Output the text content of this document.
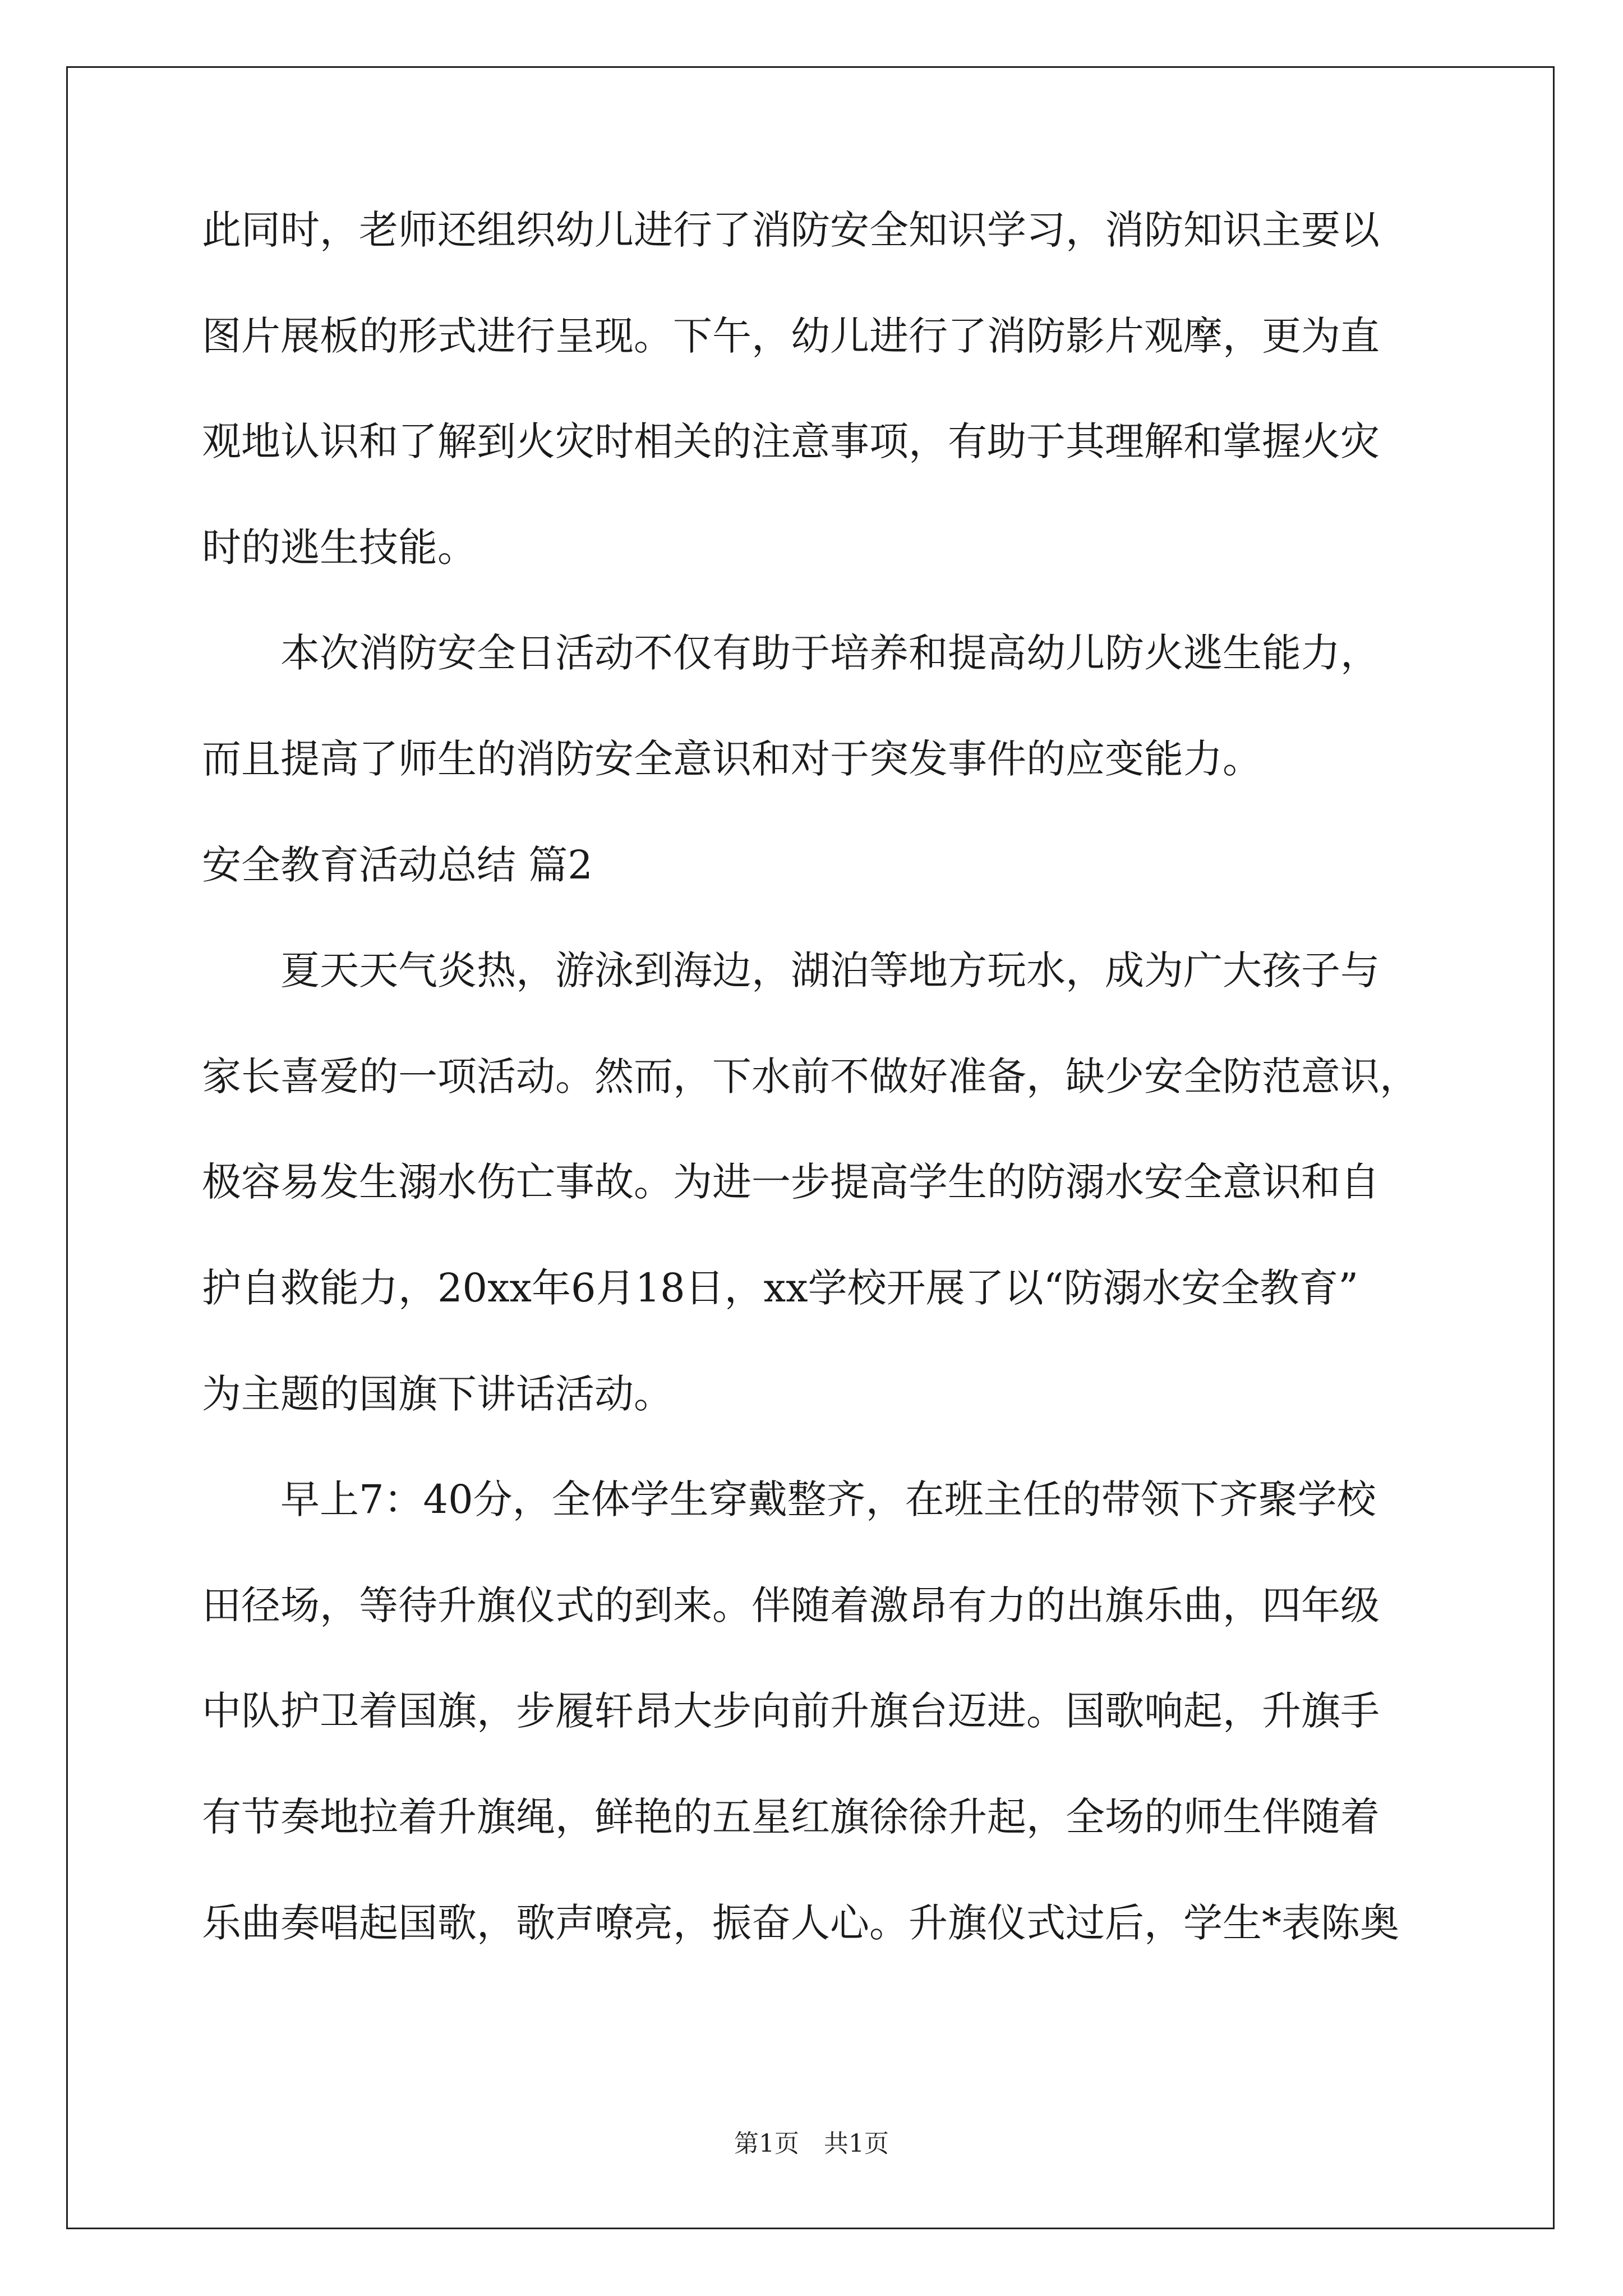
此同时，老师还组织幼儿进行了消防安全知识学习，消防知识主要以
图片展板的形式进行呈现。下午，幼儿进行了消防影片观摩，更为直
观地认识和了解到火灾时相关的注意事项，有助于其理解和掌握火灾
时的逃生技能。
本次消防安全日活动不仅有助于培养和提高幼儿防火逃生能力，
而且提高了师生的消防安全意识和对于突发事件的应变能力。
安全教育活动总结 篇2
夏天天气炎热，游泳到海边，湖泊等地方玩水，成为广大孩子与
家长喜爱的一项活动。然而，下水前不做好准备，缺少安全防范意识，
极容易发生溺水伤亡事故。为进一步提高学生的防溺水安全意识和自
护自救能力，20xx年6月18日，xx学校开展了以“防溺水安全教育”
为主题的国旗下讲话活动。
早上7：40分，全体学生穿戴整齐，在班主任的带领下齐聚学校
田径场，等待升旗仪式的到来。伴随着激昂有力的出旗乐曲，四年级
中队护卫着国旗，步履轩昂大步向前升旗台迈进。国歌响起，升旗手
有节奏地拉着升旗绳，鲜艳的五星红旗徐徐升起，全场的师生伴随着
乐曲奏唱起国歌，歌声嘹亮，振奋人心。升旗仪式过后，学生*表陈奥
第1页 共1页
